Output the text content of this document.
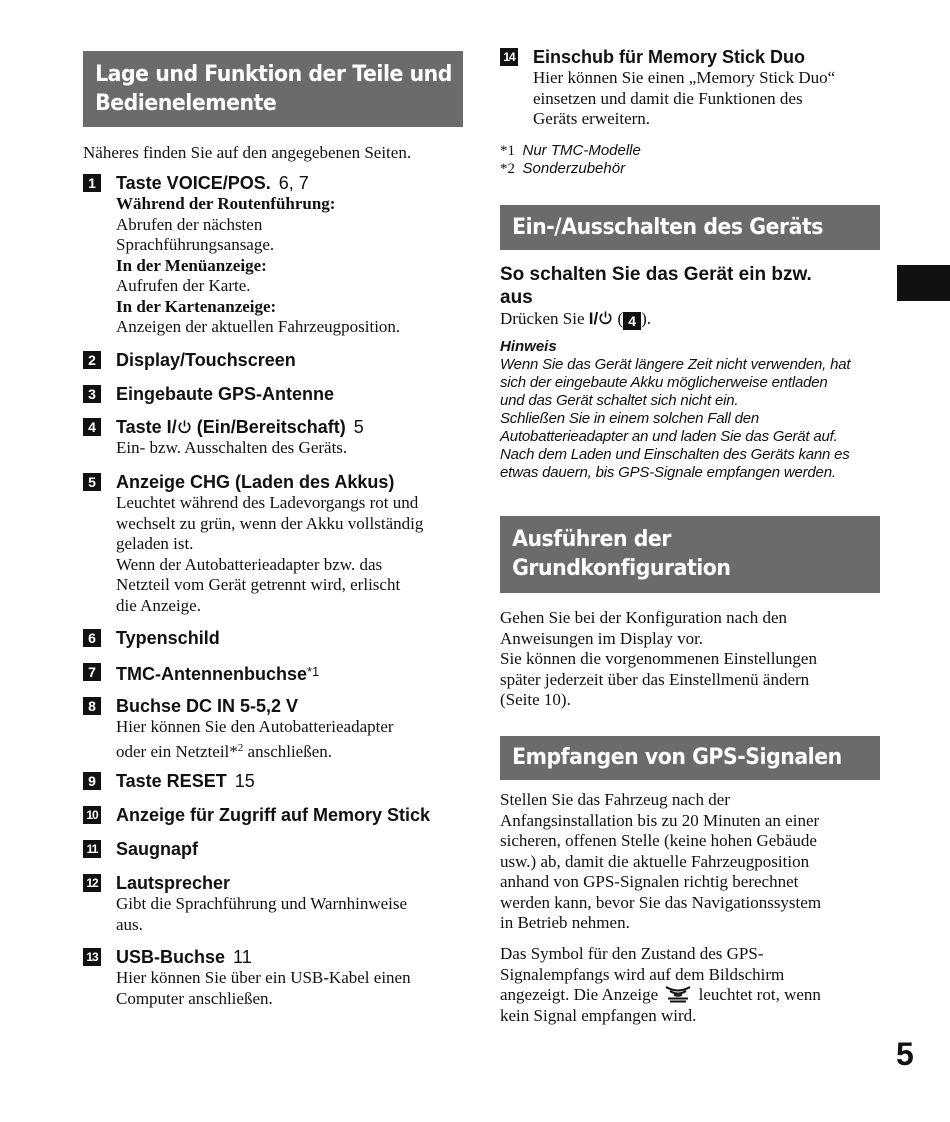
Lage und Funktion der Teile und
Bedienelemente
Näheres finden Sie auf den angegebenen Seiten.
1 Taste VOICE/POS. 6, 7
Während der Routenführung:
Abrufen der nächsten
Sprachführungsansage.
In der Menüanzeige:
Aufrufen der Karte.
In der Kartenanzeige:
Anzeigen der aktuellen Fahrzeugposition.
2 Display/Touchscreen
3 Eingebaute GPS-Antenne
4 Taste I/ (Ein/Bereitschaft) 5
Ein- bzw. Ausschalten des Geräts.
5 Anzeige CHG (Laden des Akkus)
Leuchtet während des Ladevorgangs rot und
wechselt zu grün, wenn der Akku vollständig
geladen ist.
Wenn der Autobatterieadapter bzw. das
Netzteil vom Gerät getrennt wird, erlischt
die Anzeige.
6 Typenschild
7 TMC-Antennenbuchse$^{*1}$
8 Buchse DC IN 5-5,2 V
Hier können Sie den Autobatterieadapter
oder ein Netzteil*$^2$ anschließen.
9 Taste RESET 15
10 Anzeige für Zugriff auf Memory Stick
11 Saugnapf
12 Lautsprecher
Gibt die Sprachführung und Warnhinweise
aus.
13 USB-Buchse 11
Hier können Sie über ein USB-Kabel einen
Computer anschließen.
14 Einschub für Memory Stick Duo
Hier können Sie einen „Memory Stick Duo“
einsetzen und damit die Funktionen des
Geräts erweitern.
*1 Nur TMC-Modelle
*2 Sonderzubehör
Ein-/Ausschalten des Geräts
So schalten Sie das Gerät ein bzw.
aus
Drücken Sie I/ ( 4 ).
Hinweis
Wenn Sie das Gerät längere Zeit nicht verwenden, hat
sich der eingebaute Akku möglicherweise entladen
und das Gerät schaltet sich nicht ein.
Schließen Sie in einem solchen Fall den
Autobatterieadapter an und laden Sie das Gerät auf.
Nach dem Laden und Einschalten des Geräts kann es
etwas dauern, bis GPS-Signale empfangen werden.
Ausführen der
Grundkonfiguration
Gehen Sie bei der Konfiguration nach den
Anweisungen im Display vor.
Sie können die vorgenommenen Einstellungen
später jederzeit über das Einstellmenü ändern
(Seite 10).
Empfangen von GPS-Signalen
Stellen Sie das Fahrzeug nach der
Anfangsinstallation bis zu 20 Minuten an einer
sicheren, offenen Stelle (keine hohen Gebäude
usw.) ab, damit die aktuelle Fahrzeugposition
anhand von GPS-Signalen richtig berechnet
werden kann, bevor Sie das Navigationssystem
in Betrieb nehmen.
Das Symbol für den Zustand des GPS-
Signalempfangs wird auf dem Bildschirm
angezeigt. Die Anzeige  leuchtet rot, wenn
kein Signal empfangen wird.
5
